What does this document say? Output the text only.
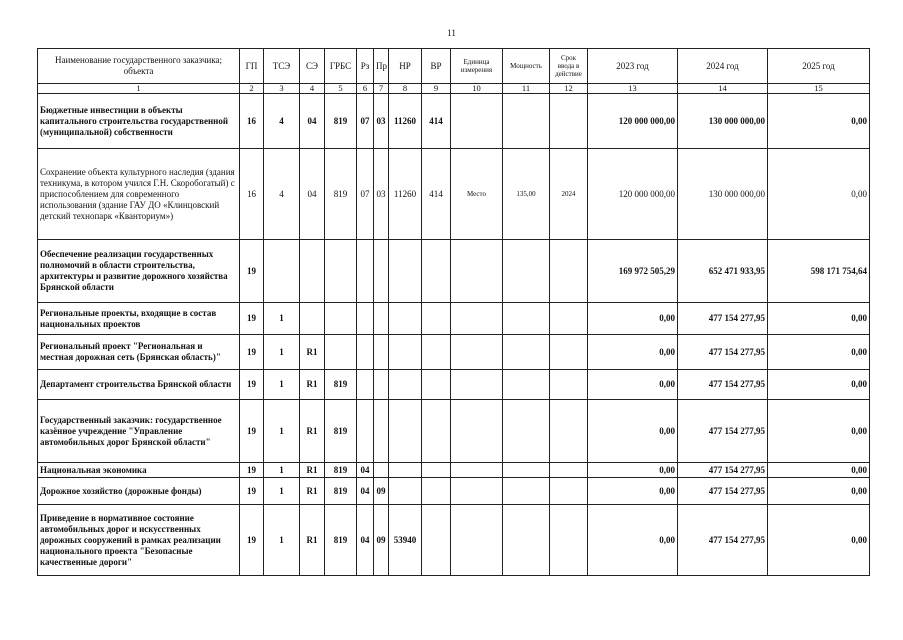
11
Наименование государственного заказчика; объекта	ГП	ТСЭ	СЭ	ГРБС	Рз	Пр	НР	ВР	Единица измерения	Мощность	Срок ввода в действие	2023 год	2024 год	2025 год
1	2	3	4	5	6	7	8	9	10	11	12	13	14	15
Бюджетные инвестиции в объекты капитального строительства государственной (муниципальной) собственности	16	4	04	819	07	03	11260	414				120 000 000,00	130 000 000,00	0,00
Сохранение объекта культурного наследия (здания техникума, в котором учился Г.Н. Скоробогатый) с приспособлением для современного использования (здание ГАУ ДО «Клинцовский детский технопарк «Кванториум»)	16	4	04	819	07	03	11260	414	Место	135,00	2024	120 000 000,00	130 000 000,00	0,00
Обеспечение реализации государственных полномочий в области строительства, архитектуры и развитие дорожного хозяйства Брянской области	19											169 972 505,29	652 471 933,95	598 171 754,64
Региональные проекты, входящие в состав национальных проектов	19	1										0,00	477 154 277,95	0,00
Региональный проект "Региональная и местная дорожная сеть (Брянская область)"	19	1	R1									0,00	477 154 277,95	0,00
Департамент строительства Брянской области	19	1	R1	819								0,00	477 154 277,95	0,00
Государственный заказчик: государственное казённое учреждение "Управление автомобильных дорог Брянской области"	19	1	R1	819								0,00	477 154 277,95	0,00
Национальная экономика	19	1	R1	819	04							0,00	477 154 277,95	0,00
Дорожное хозяйство (дорожные фонды)	19	1	R1	819	04	09						0,00	477 154 277,95	0,00
Приведение в нормативное состояние автомобильных дорог и искусственных дорожных сооружений в рамках реализации национального проекта "Безопасные качественные дороги"	19	1	R1	819	04	09	53940					0,00	477 154 277,95	0,00
